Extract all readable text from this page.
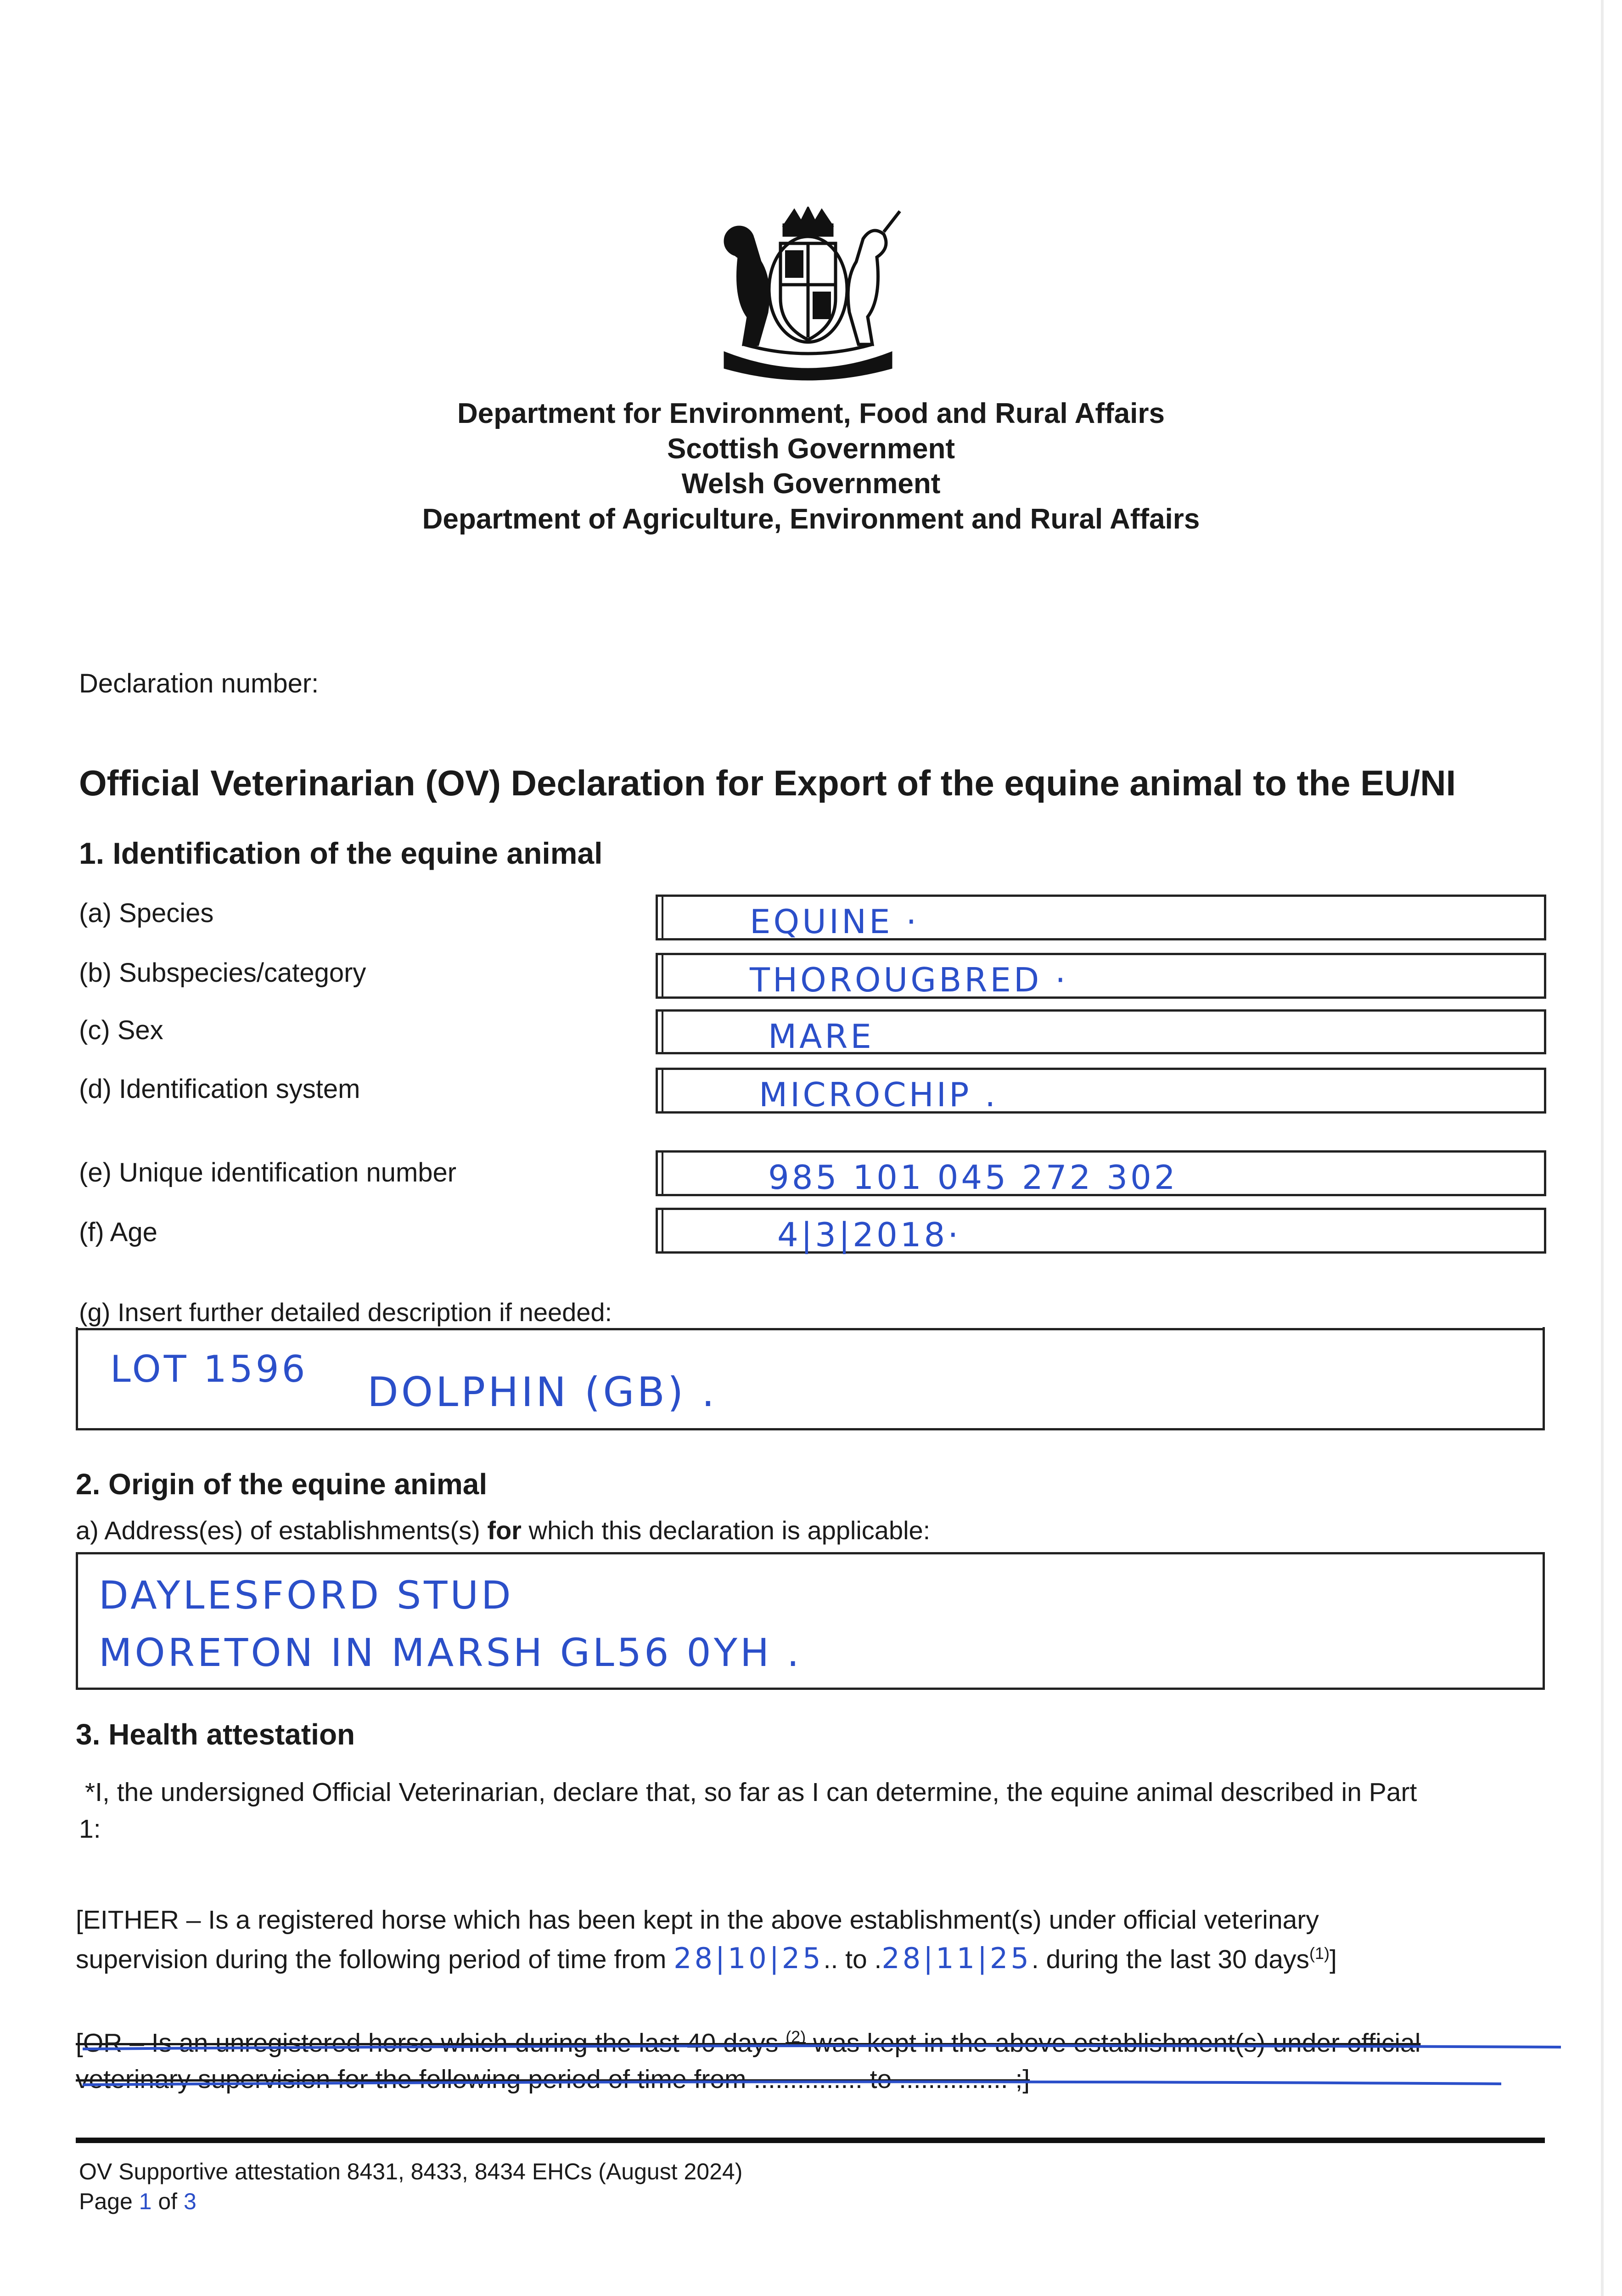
Department for Environment, Food and Rural Affairs
Scottish Government
Welsh Government
Department of Agriculture, Environment and Rural Affairs
Declaration number:
Official Veterinarian (OV) Declaration for Export of the equine animal to the EU/NI
1. Identification of the equine animal
(a) Species	EQUINE ·
(b) Subspecies/category	THOROUGBRED ·
(c) Sex	MARE
(d) Identification system	MICROCHIP .
(e) Unique identification number	985 101 045 272 302
(f) Age	4|3|2018·
(g) Insert further detailed description if needed:
LOT 1596 DOLPHIN (GB) .
2. Origin of the equine animal
a) Address(es) of establishments(s) for which this declaration is applicable:
DAYLESFORD STUD
MORETON IN MARSH GL56 0YH .
3. Health attestation
*I, the undersigned Official Veterinarian, declare that, so far as I can determine, the equine animal described in Part
1:
[EITHER – Is a registered horse which has been kept in the above establishment(s) under official veterinary
supervision during the following period of time from 28|10|25.. to .28|11|25. during the last 30 days$^{(1)}$]
[OR – Is an unregistered horse which during the last 40 days $^{(2)}$ was kept in the above establishment(s) under official
veterinary supervision for the following period of time from ............... to ............... ;]
OV Supportive attestation 8431, 8433, 8434 EHCs (August 2024)
Page 1 of 3
